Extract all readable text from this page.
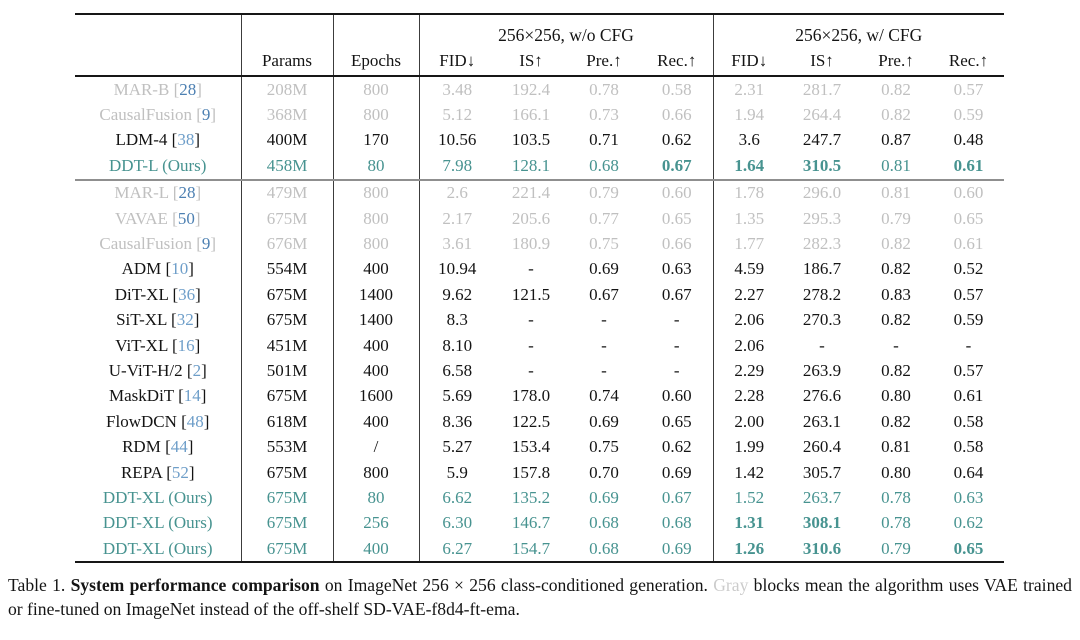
			256×256, w/o CFG				256×256, w/ CFG			
	Params	Epochs	FID↓	IS↑	Pre.↑	Rec.↑	FID↓	IS↑	Pre.↑	Rec.↑
MAR-B [28]	208M	800	3.48	192.4	0.78	0.58	2.31	281.7	0.82	0.57
CausalFusion [9]	368M	800	5.12	166.1	0.73	0.66	1.94	264.4	0.82	0.59
LDM-4 [38]	400M	170	10.56	103.5	0.71	0.62	3.6	247.7	0.87	0.48
DDT-L (Ours)	458M	80	7.98	128.1	0.68	0.67	1.64	310.5	0.81	0.61
MAR-L [28]	479M	800	2.6	221.4	0.79	0.60	1.78	296.0	0.81	0.60
VAVAE [50]	675M	800	2.17	205.6	0.77	0.65	1.35	295.3	0.79	0.65
CausalFusion [9]	676M	800	3.61	180.9	0.75	0.66	1.77	282.3	0.82	0.61
ADM [10]	554M	400	10.94	-	0.69	0.63	4.59	186.7	0.82	0.52
DiT-XL [36]	675M	1400	9.62	121.5	0.67	0.67	2.27	278.2	0.83	0.57
SiT-XL [32]	675M	1400	8.3	-	-	-	2.06	270.3	0.82	0.59
ViT-XL [16]	451M	400	8.10	-	-	-	2.06	-	-	-
U-ViT-H/2 [2]	501M	400	6.58	-	-	-	2.29	263.9	0.82	0.57
MaskDiT [14]	675M	1600	5.69	178.0	0.74	0.60	2.28	276.6	0.80	0.61
FlowDCN [48]	618M	400	8.36	122.5	0.69	0.65	2.00	263.1	0.82	0.58
RDM [44]	553M	/	5.27	153.4	0.75	0.62	1.99	260.4	0.81	0.58
REPA [52]	675M	800	5.9	157.8	0.70	0.69	1.42	305.7	0.80	0.64
DDT-XL (Ours)	675M	80	6.62	135.2	0.69	0.67	1.52	263.7	0.78	0.63
DDT-XL (Ours)	675M	256	6.30	146.7	0.68	0.68	1.31	308.1	0.78	0.62
DDT-XL (Ours)	675M	400	6.27	154.7	0.68	0.69	1.26	310.6	0.79	0.65
Table 1. System performance comparison on ImageNet 256 × 256 class-conditioned generation. Gray blocks mean the algorithm uses VAE trained or fine-tuned on ImageNet instead of the off-shelf SD-VAE-f8d4-ft-ema.
